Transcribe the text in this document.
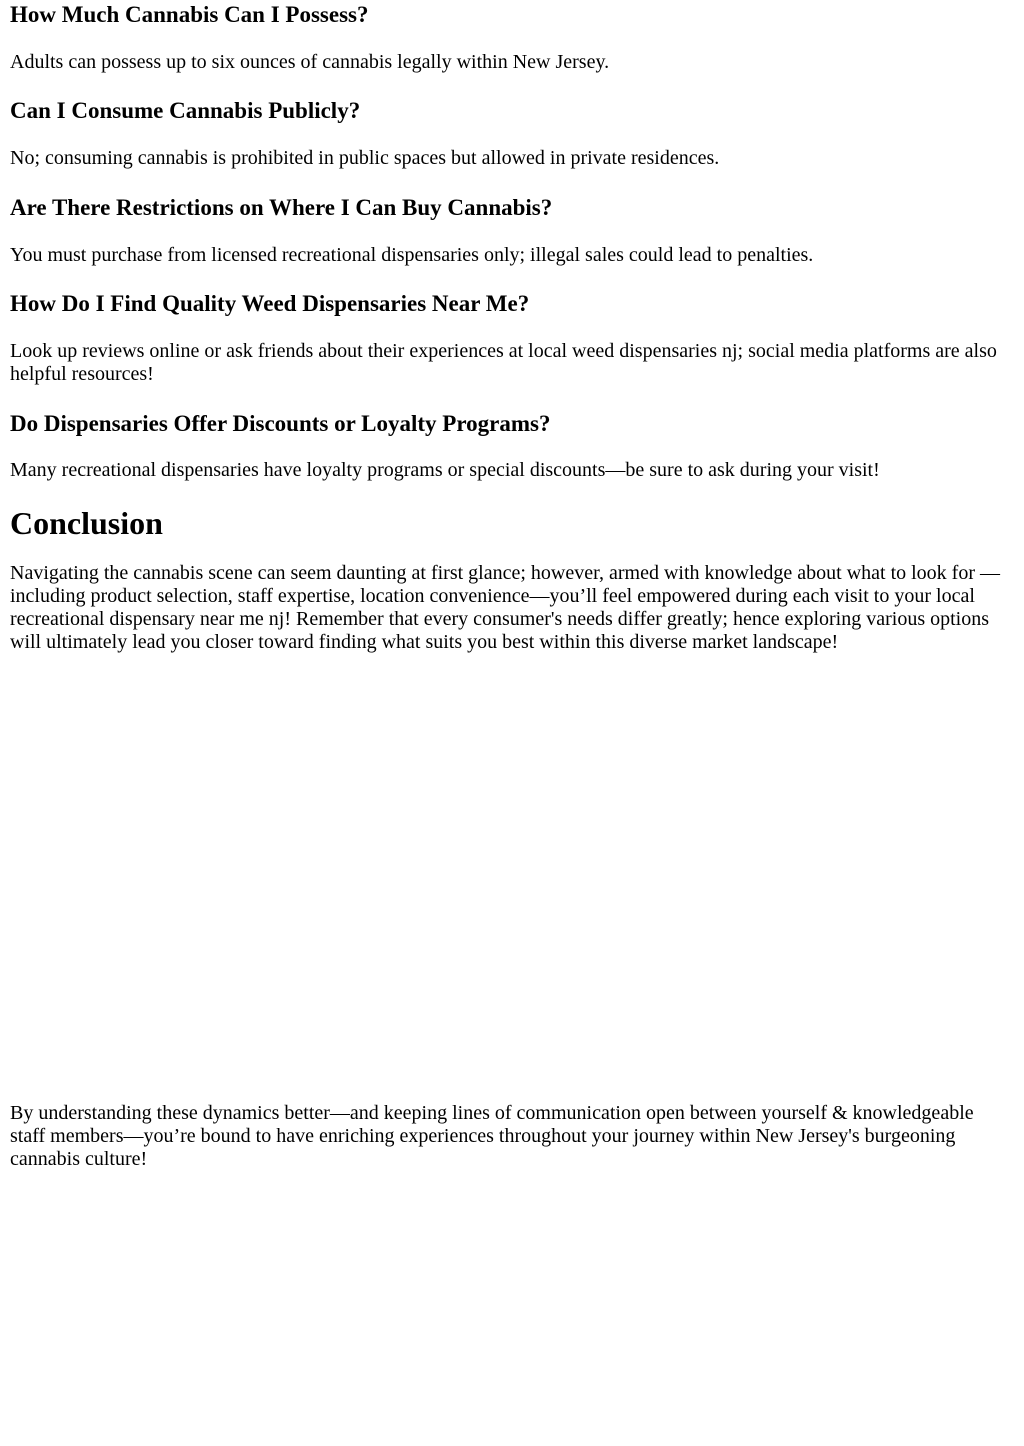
How Much Cannabis Can I Possess?

Adults can possess up to six ounces of cannabis legally within New Jersey.

Can I Consume Cannabis Publicly?

No; consuming cannabis is prohibited in public spaces but allowed in private residences.

Are There Restrictions on Where I Can Buy Cannabis?

You must purchase from licensed recreational dispensaries only; illegal sales could lead to penalties.

How Do I Find Quality Weed Dispensaries Near Me?

Look up reviews online or ask friends about their experiences at local weed dispensaries nj; social media platforms are also helpful resources!

Do Dispensaries Offer Discounts or Loyalty Programs?

Many recreational dispensaries have loyalty programs or special discounts—be sure to ask during your visit!

Conclusion

Navigating the cannabis scene can seem daunting at first glance; however, armed with knowledge about what to look for —including product selection, staff expertise, location convenience—you’ll feel empowered during each visit to your local recreational dispensary near me nj! Remember that every consumer's needs differ greatly; hence exploring various options will ultimately lead you closer toward finding what suits you best within this diverse market landscape!

By understanding these dynamics better—and keeping lines of communication open between yourself & knowledgeable staff members—you’re bound to have enriching experiences throughout your journey within New Jersey's burgeoning cannabis culture!
